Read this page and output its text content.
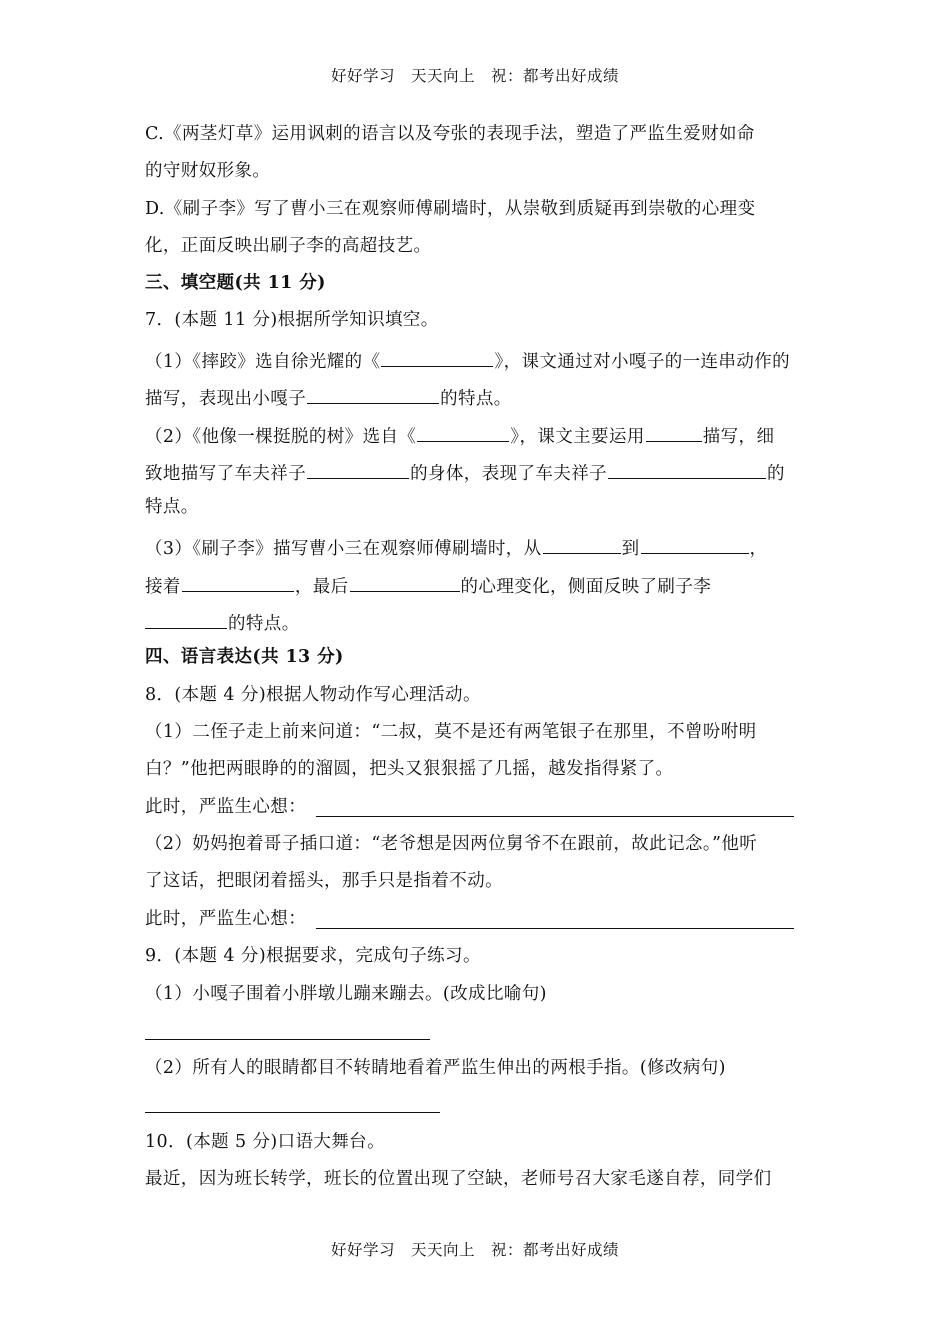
好好学习　天天向上　祝：都考出好成绩
C.《两茎灯草》运用讽刺的语言以及夸张的表现手法，塑造了严监生爱财如命
的守财奴形象。
D.《刷子李》写了曹小三在观察师傅刷墙时，从崇敬到质疑再到崇敬的心理变
化，正面反映出刷子李的高超技艺。
三、填空题(共 11 分)
7．(本题 11 分)根据所学知识填空。
（1）《摔跤》选自徐光耀的《	》，课文通过对小嘎子的一连串动作的
描写，表现出小嘎子	的特点。
（2）《他像一棵挺脱的树》选自《	》，课文主要运用	描写，细
致地描写了车夫祥子	的身体，表现了车夫祥子	的
特点。
（3）《刷子李》描写曹小三在观察师傅刷墙时，从	到	，
接着	，最后	的心理变化，侧面反映了刷子李
的特点。
四、语言表达(共 13 分)
8．(本题 4 分)根据人物动作写心理活动。
（1）二侄子走上前来问道：“二叔，莫不是还有两笔银子在那里，不曾吩咐明
白？”他把两眼睁的的溜圆，把头又狠狠摇了几摇，越发指得紧了。
此时，严监生心想：
（2）奶妈抱着哥子插口道：“老爷想是因两位舅爷不在跟前，故此记念。”他听
了这话，把眼闭着摇头，那手只是指着不动。
此时，严监生心想：
9．(本题 4 分)根据要求，完成句子练习。
（1）小嘎子围着小胖墩儿蹦来蹦去。(改成比喻句)
（2）所有人的眼睛都目不转睛地看着严监生伸出的两根手指。(修改病句)
10．(本题 5 分)口语大舞台。
最近，因为班长转学，班长的位置出现了空缺，老师号召大家毛遂自荐，同学们
好好学习　天天向上　祝：都考出好成绩
